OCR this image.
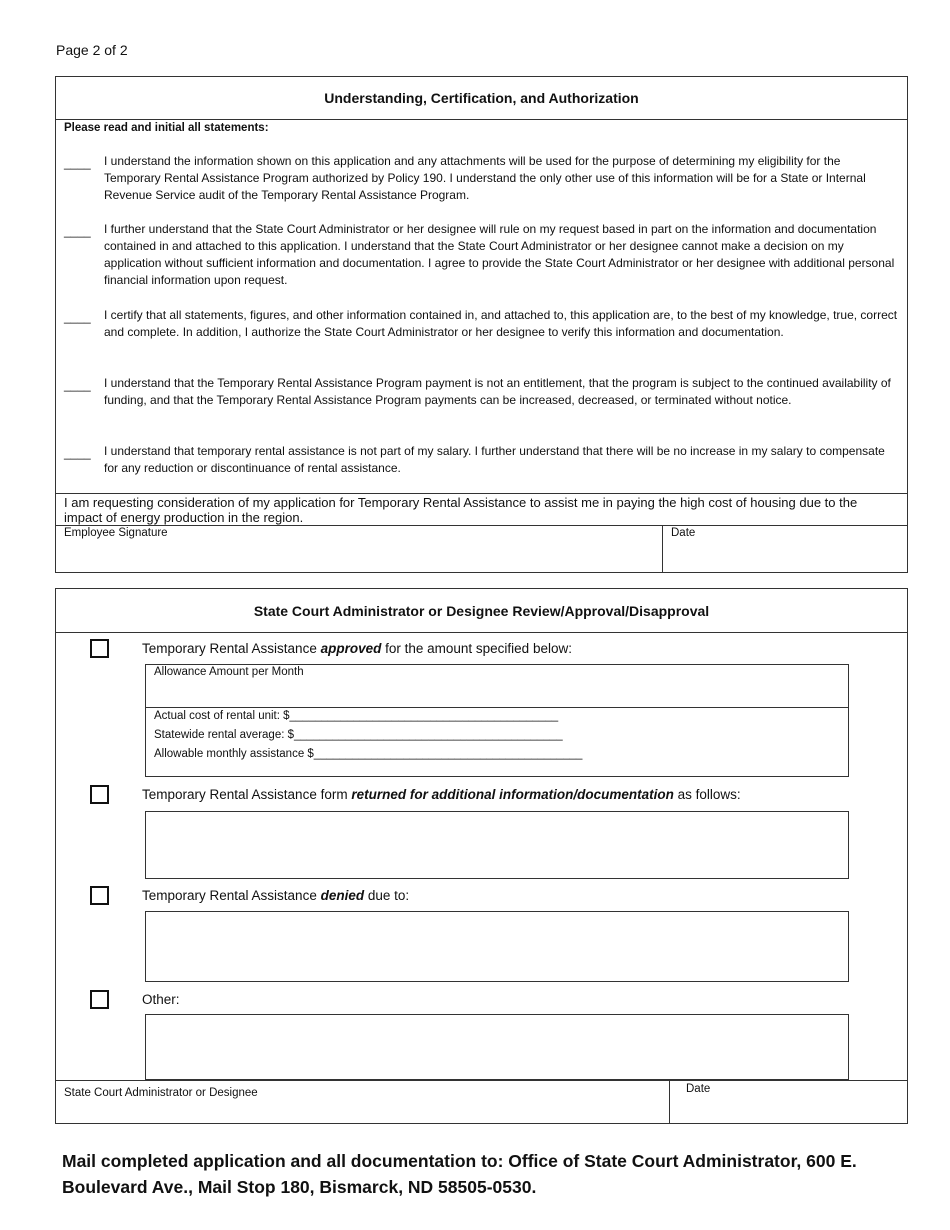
Page 2 of 2
Understanding, Certification, and Authorization
Please read and initial all statements:
____	I understand the information shown on this application and any attachments will be used for the purpose of determining my eligibility for the Temporary Rental Assistance Program authorized by Policy 190. I understand the only other use of this information will be for a State or Internal Revenue Service audit of the Temporary Rental Assistance Program.
____	I further understand that the State Court Administrator or her designee will rule on my request based in part on the information and documentation contained in and attached to this application. I understand that the State Court Administrator or her designee cannot make a decision on my application without sufficient information and documentation. I agree to provide the State Court Administrator or her designee with additional personal financial information upon request.
____	I certify that all statements, figures, and other information contained in, and attached to, this application are, to the best of my knowledge, true, correct and complete. In addition, I authorize the State Court Administrator or her designee to verify this information and documentation.
____	I understand that the Temporary Rental Assistance Program payment is not an entitlement, that the program is subject to the continued availability of funding, and that the Temporary Rental Assistance Program payments can be increased, decreased, or terminated without notice.
____	I understand that temporary rental assistance is not part of my salary. I further understand that there will be no increase in my salary to compensate for any reduction or discontinuance of rental assistance.
I am requesting consideration of my application for Temporary Rental Assistance to assist me in paying the high cost of housing due to the impact of energy production in the region.
Employee Signature	Date
State Court Administrator or Designee Review/Approval/Disapproval
Temporary Rental Assistance approved for the amount specified below:
Allowance Amount per Month
Actual cost of rental unit: $__________________________________________
Statewide rental average: $__________________________________________
Allowable monthly assistance $__________________________________________
Temporary Rental Assistance form returned for additional information/documentation as follows:
Temporary Rental Assistance denied due to:
Other:
State Court Administrator or Designee	Date
Mail completed application and all documentation to: Office of State Court Administrator, 600 E. Boulevard Ave., Mail Stop 180, Bismarck, ND 58505-0530.
